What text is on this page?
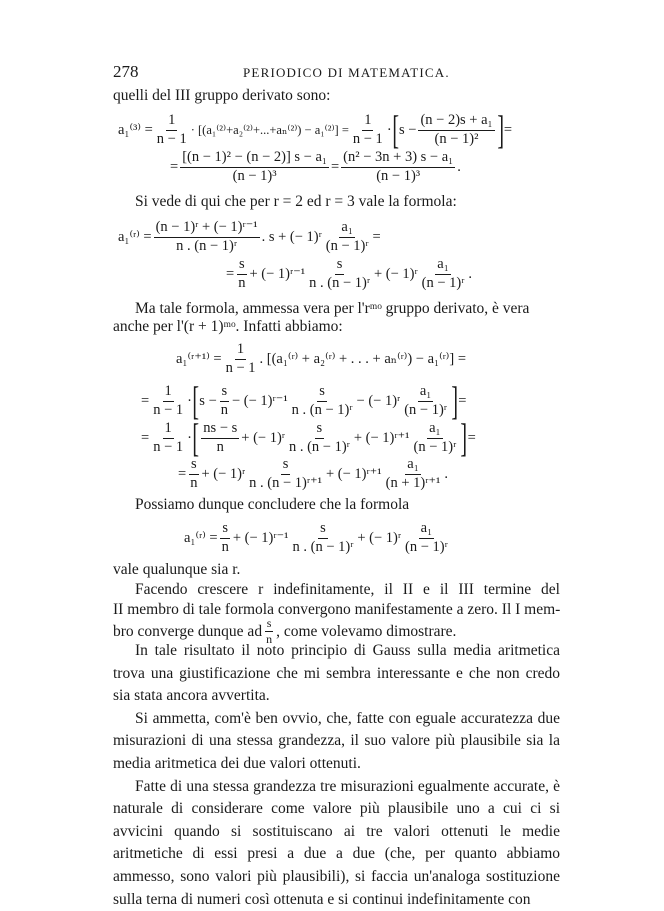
278	PERIODICO DI MATEMATICA.
quelli del III gruppo derivato sono:
$a_1^{(3)} = \frac{1}{n - 1} \cdot [(a_1^{(2)}+a_2^{(2)}+...+a_n^{(2)}) - a_1^{(2)}] = \frac{1}{n - 1}$ · [ $s - \frac{\text{(n − 2)s + a₁}}{\text{(n − 1)²}}$ ] =
= $\frac{\text{[(n − 1)² − (n − 2)] s − a₁}}{\text{(n − 1)³}} = \frac{\text{(n² − 3n + 3) s − a₁}}{\text{(n − 1)³}}$ .
Si vede di qui che per r = 2 ed r = 3 vale la formola:
a₁⁽ʳ⁾ = $\frac{\text{(n − 1)ʳ + (− 1)ʳ⁻¹}}{\text{n . (n − 1)ʳ}}$ . s + (− 1)ʳ $\frac{\text{a₁}}{\text{(n − 1)ʳ}}$ =
= $\frac{s}{n}$ + (− 1)ʳ⁻¹ $\frac{s}{\text{n . (n − 1)ʳ}}$ + (− 1)ʳ $\frac{\text{a₁}}{\text{(n − 1)ʳ}}$ .
Ma tale formola, ammessa vera per l'rᵐᵒ gruppo derivato, è vera
anche per l'(r + 1)ᵐᵒ. Infatti abbiamo:
a₁⁽ʳ⁺¹⁾ = $\frac{1}{n - 1}$ . [(a₁⁽ʳ⁾ + a₂⁽ʳ⁾ + . . . + aₙ⁽ʳ⁾) − a₁⁽ʳ⁾] =
= $\frac{1}{n - 1}$ · [ $s - \frac{s}{n}$ − (− 1)ʳ⁻¹ $\frac{s}{\text{n . (n − 1)ʳ}}$ − (− 1)ʳ $\frac{\text{a₁}}{\text{(n − 1)ʳ}}$ ] =
= $\frac{1}{n - 1}$ · [ $\frac{ns - s}{n}$ + (− 1)ʳ $\frac{s}{\text{n . (n − 1)ʳ}}$ + (− 1)ʳ⁺¹ $\frac{\text{a₁}}{\text{(n − 1)ʳ}}$ ] =
= $\frac{s}{n}$ + (− 1)ʳ $\frac{s}{\text{n . (n − 1)ʳ⁺¹}}$ + (− 1)ʳ⁺¹ $\frac{\text{a₁}}{\text{(n + 1)ʳ⁺¹}}$ .
Possiamo dunque concludere che la formola
a₁⁽ʳ⁾ = $\frac{s}{n}$ + (− 1)ʳ⁻¹ $\frac{s}{\text{n . (n − 1)ʳ}}$ + (− 1)ʳ $\frac{\text{a₁}}{\text{(n − 1)ʳ}}$
vale qualunque sia r.
Facendo crescere r indefinitamente, il II e il III termine del
II membro di tale formola convergono manifestamente a zero. Il I mem-
bro converge dunque ad $\frac{s}{n}$ , come volevamo dimostrare.

In tale risultato il noto principio di Gauss sulla media aritmetica trova una giustificazione che mi sembra interessante e che non credo sia stata ancora avvertita.

Si ammetta, com'è ben ovvio, che, fatte con eguale accuratezza due misurazioni di una stessa grandezza, il suo valore più plausibile sia la media aritmetica dei due valori ottenuti.

Fatte di una stessa grandezza tre misurazioni egualmente accurate, è naturale di considerare come valore più plausibile uno a cui ci si avvicini quando si sostituiscano ai tre valori ottenuti le medie aritmetiche di essi presi a due a due (che, per quanto abbiamo ammesso, sono valori più plausibili), si faccia un'analoga sostituzione sulla terna di numeri così ottenuta e si continui indefinitamente con
